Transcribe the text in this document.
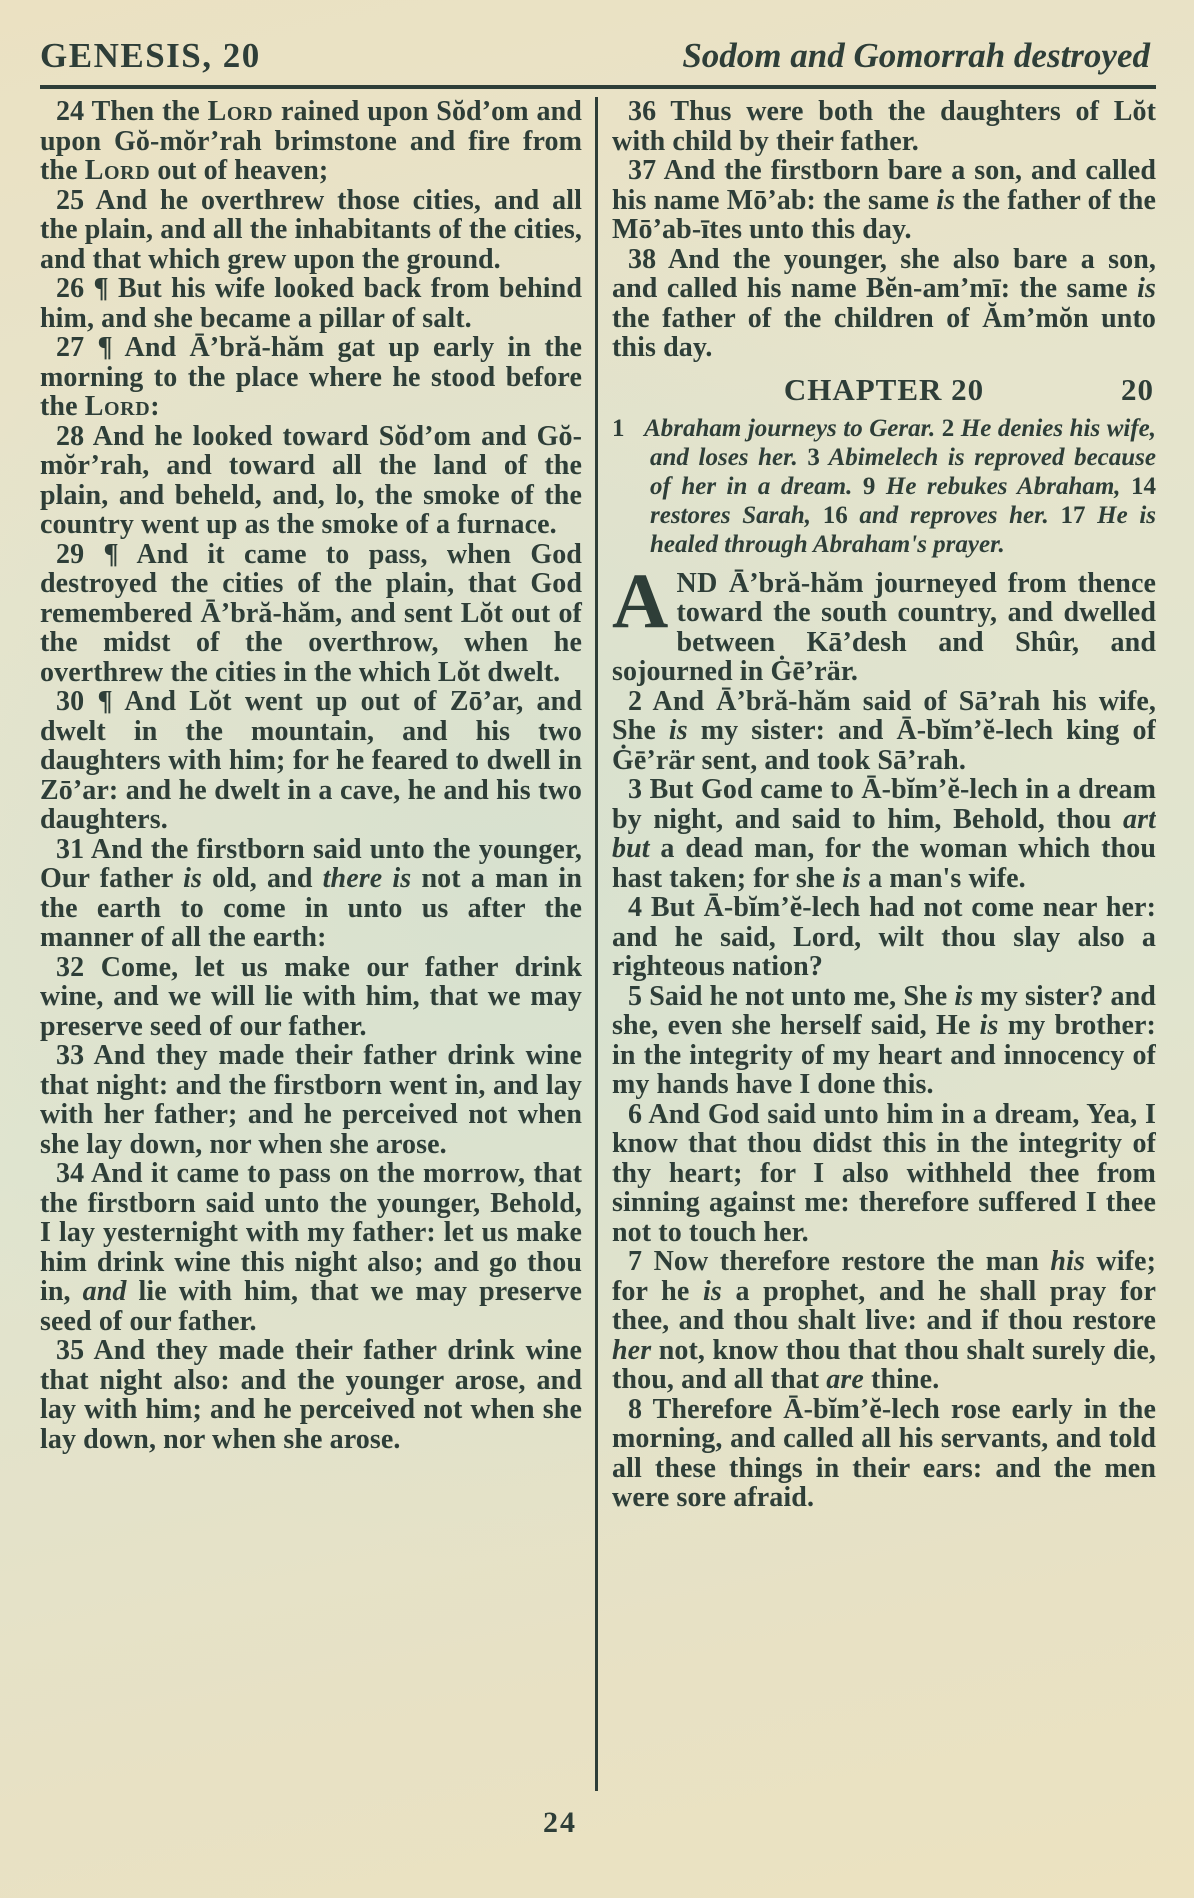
GENESIS, 20	Sodom and Gomorrah destroyed

24 Then the Lord rained upon Sŏd’om and upon Gŏ-mŏr’rah brimstone and fire from the Lord out of heaven;

25 And he overthrew those cities, and all the plain, and all the inhabitants of the cities, and that which grew upon the ground.

26 ¶ But his wife looked back from behind him, and she became a pillar of salt.

27 ¶ And Ā’bră-hăm gat up early in the morning to the place where he stood before the Lord:

28 And he looked toward Sŏd’om and Gŏ-mŏr’rah, and toward all the land of the plain, and beheld, and, lo, the smoke of the country went up as the smoke of a furnace.

29 ¶ And it came to pass, when God destroyed the cities of the plain, that God remembered Ā’bră-hăm, and sent Lŏt out of the midst of the overthrow, when he overthrew the cities in the which Lŏt dwelt.

30 ¶ And Lŏt went up out of Zō’ar, and dwelt in the mountain, and his two daughters with him; for he feared to dwell in Zō’ar: and he dwelt in a cave, he and his two daughters.

31 And the firstborn said unto the younger, Our father is old, and there is not a man in the earth to come in unto us after the manner of all the earth:

32 Come, let us make our father drink wine, and we will lie with him, that we may preserve seed of our father.

33 And they made their father drink wine that night: and the firstborn went in, and lay with her father; and he perceived not when she lay down, nor when she arose.

34 And it came to pass on the morrow, that the firstborn said unto the younger, Behold, I lay yesternight with my father: let us make him drink wine this night also; and go thou in, and lie with him, that we may preserve seed of our father.

35 And they made their father drink wine that night also: and the younger arose, and lay with him; and he perceived not when she lay down, nor when she arose.

36 Thus were both the daughters of Lŏt with child by their father.

37 And the firstborn bare a son, and called his name Mō’ab: the same is the father of the Mō’ab-ītes unto this day.

38 And the younger, she also bare a son, and called his name Bĕn-am’mī: the same is the father of the children of Ăm’mŏn unto this day.

CHAPTER 20	20
1 Abraham journeys to Gerar. 2 He denies his wife, and loses her. 3 Abimelech is reproved because of her in a dream. 9 He rebukes Abraham, 14 restores Sarah, 16 and reproves her. 17 He is healed through Abraham's prayer.

AND Ā’bră-hăm journeyed from thence toward the south country, and dwelled between Kā’desh and Shûr, and sojourned in Ġē’rär.

2 And Ā’bră-hăm said of Sā’rah his wife, She is my sister: and Ā-bĭm’ĕ-lech king of Ġē’rär sent, and took Sā’rah.

3 But God came to Ā-bĭm’ĕ-lech in a dream by night, and said to him, Behold, thou art but a dead man, for the woman which thou hast taken; for she is a man's wife.

4 But Ā-bĭm’ĕ-lech had not come near her: and he said, Lord, wilt thou slay also a righteous nation?

5 Said he not unto me, She is my sister? and she, even she herself said, He is my brother: in the integrity of my heart and innocency of my hands have I done this.

6 And God said unto him in a dream, Yea, I know that thou didst this in the integrity of thy heart; for I also withheld thee from sinning against me: therefore suffered I thee not to touch her.

7 Now therefore restore the man his wife; for he is a prophet, and he shall pray for thee, and thou shalt live: and if thou restore her not, know thou that thou shalt surely die, thou, and all that are thine.

8 Therefore Ā-bĭm’ĕ-lech rose early in the morning, and called all his servants, and told all these things in their ears: and the men were sore afraid.

24
